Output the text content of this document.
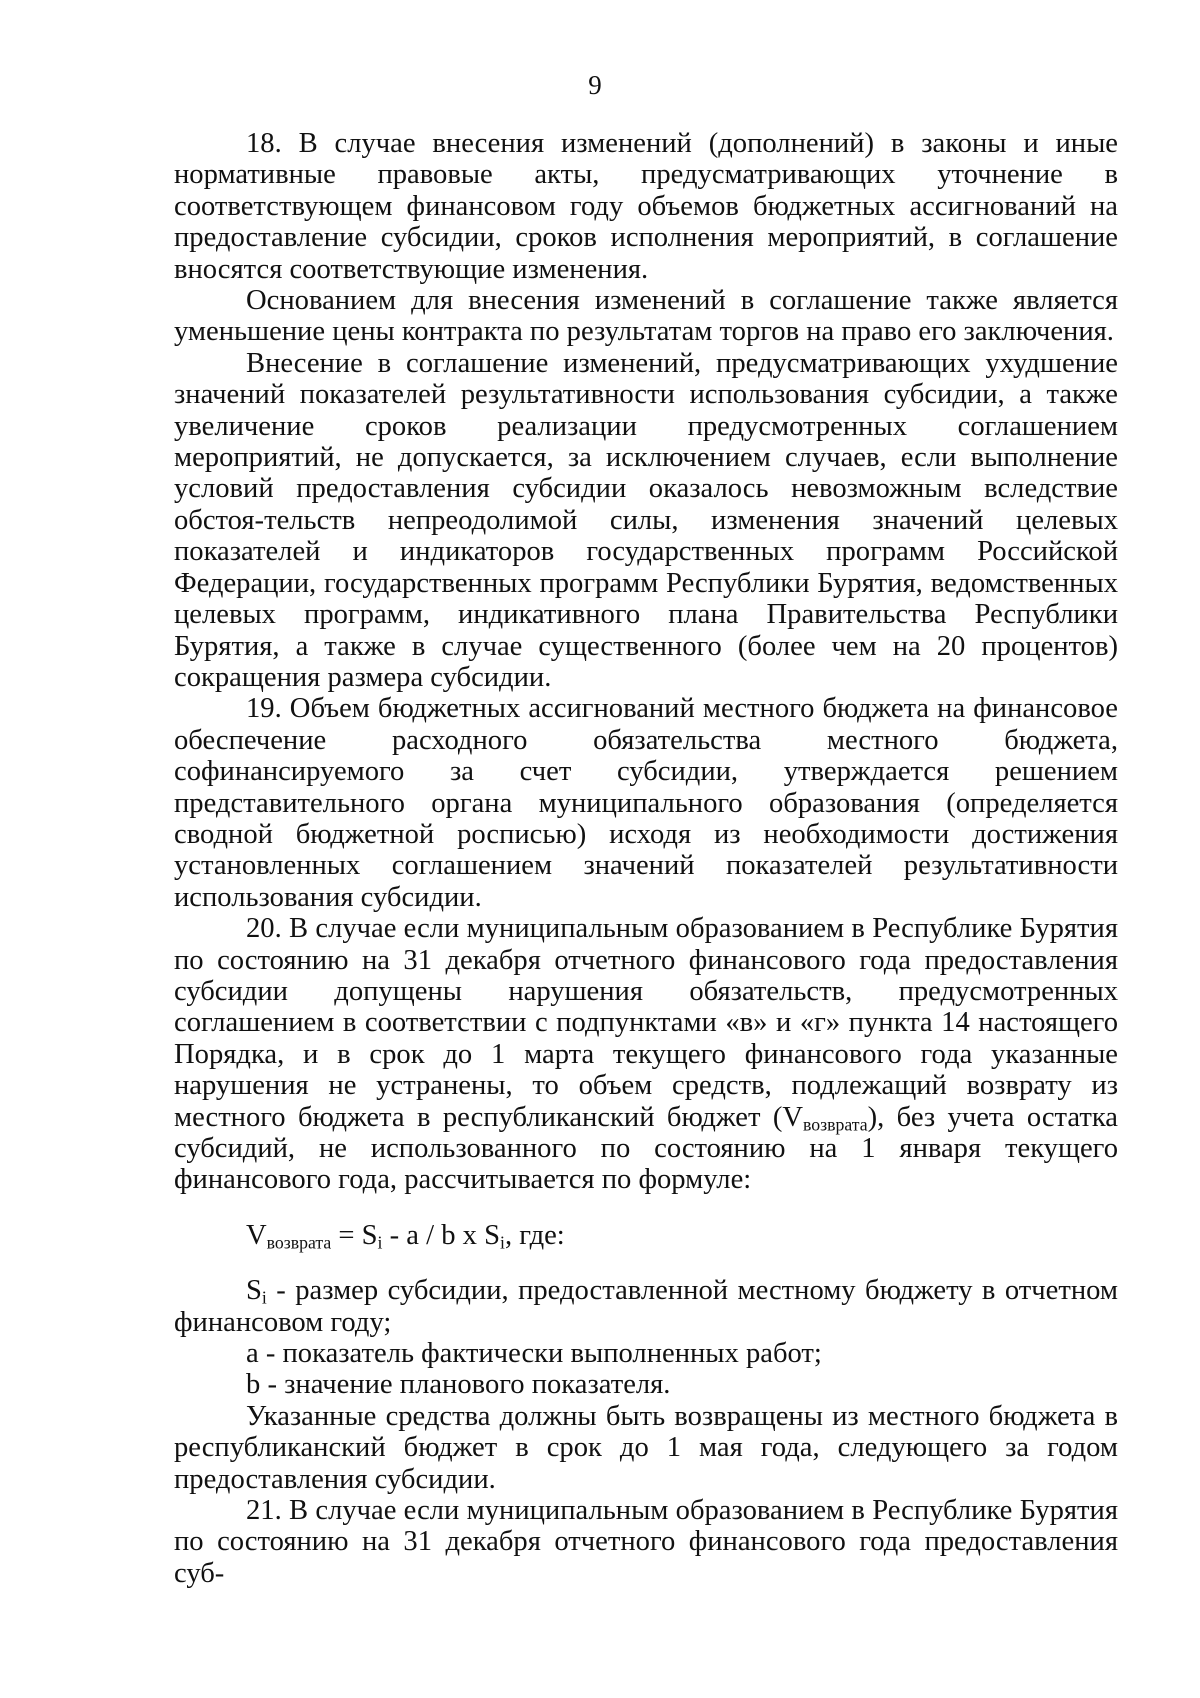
9

18. В случае внесения изменений (дополнений) в законы и иные нормативные правовые акты, предусматривающих уточнение в соответствующем финансовом году объемов бюджетных ассигнований на предоставление субсидии, сроков исполнения мероприятий, в соглашение вносятся соответствующие изменения.

Основанием для внесения изменений в соглашение также является уменьшение цены контракта по результатам торгов на право его заключения.

Внесение в соглашение изменений, предусматривающих ухудшение значений показателей результативности использования субсидии, а также увеличение сроков реализации предусмотренных соглашением мероприятий, не допускается, за исключением случаев, если выполнение условий предоставления субсидии оказалось невозможным вследствие обстоя-тельств непреодолимой силы, изменения значений целевых показателей и индикаторов государственных программ Российской Федерации, государственных программ Республики Бурятия, ведомственных целевых программ, индикативного плана Правительства Республики Бурятия, а также в случае существенного (более чем на 20 процентов) сокращения размера субсидии.

19. Объем бюджетных ассигнований местного бюджета на финансовое обеспечение расходного обязательства местного бюджета, софинансируемого за счет субсидии, утверждается решением представительного органа муниципального образования (определяется сводной бюджетной росписью) исходя из необходимости достижения установленных соглашением значений показателей результативности использования субсидии.

20. В случае если муниципальным образованием в Республике Бурятия по состоянию на 31 декабря отчетного финансового года предоставления субсидии допущены нарушения обязательств, предусмотренных соглашением в соответствии с подпунктами «в» и «г» пункта 14 настоящего Порядка, и в срок до 1 марта текущего финансового года указанные нарушения не устранены, то объем средств, подлежащий возврату из местного бюджета в республиканский бюджет $(V_{возврата})$, без учета остатка субсидий, не использованного по состоянию на 1 января текущего финансового года, рассчитывается по формуле:

$V_{возврата} = S_i - a / b$ x $S_i$, где:

$S_i$ - размер субсидии, предоставленной местному бюджету в отчетном финансовом году;

a - показатель фактически выполненных работ;

b - значение планового показателя.

Указанные средства должны быть возвращены из местного бюджета в республиканский бюджет в срок до 1 мая года, следующего за годом предоставления субсидии.

21. В случае если муниципальным образованием в Республике Бурятия по состоянию на 31 декабря отчетного финансового года предоставления суб-
